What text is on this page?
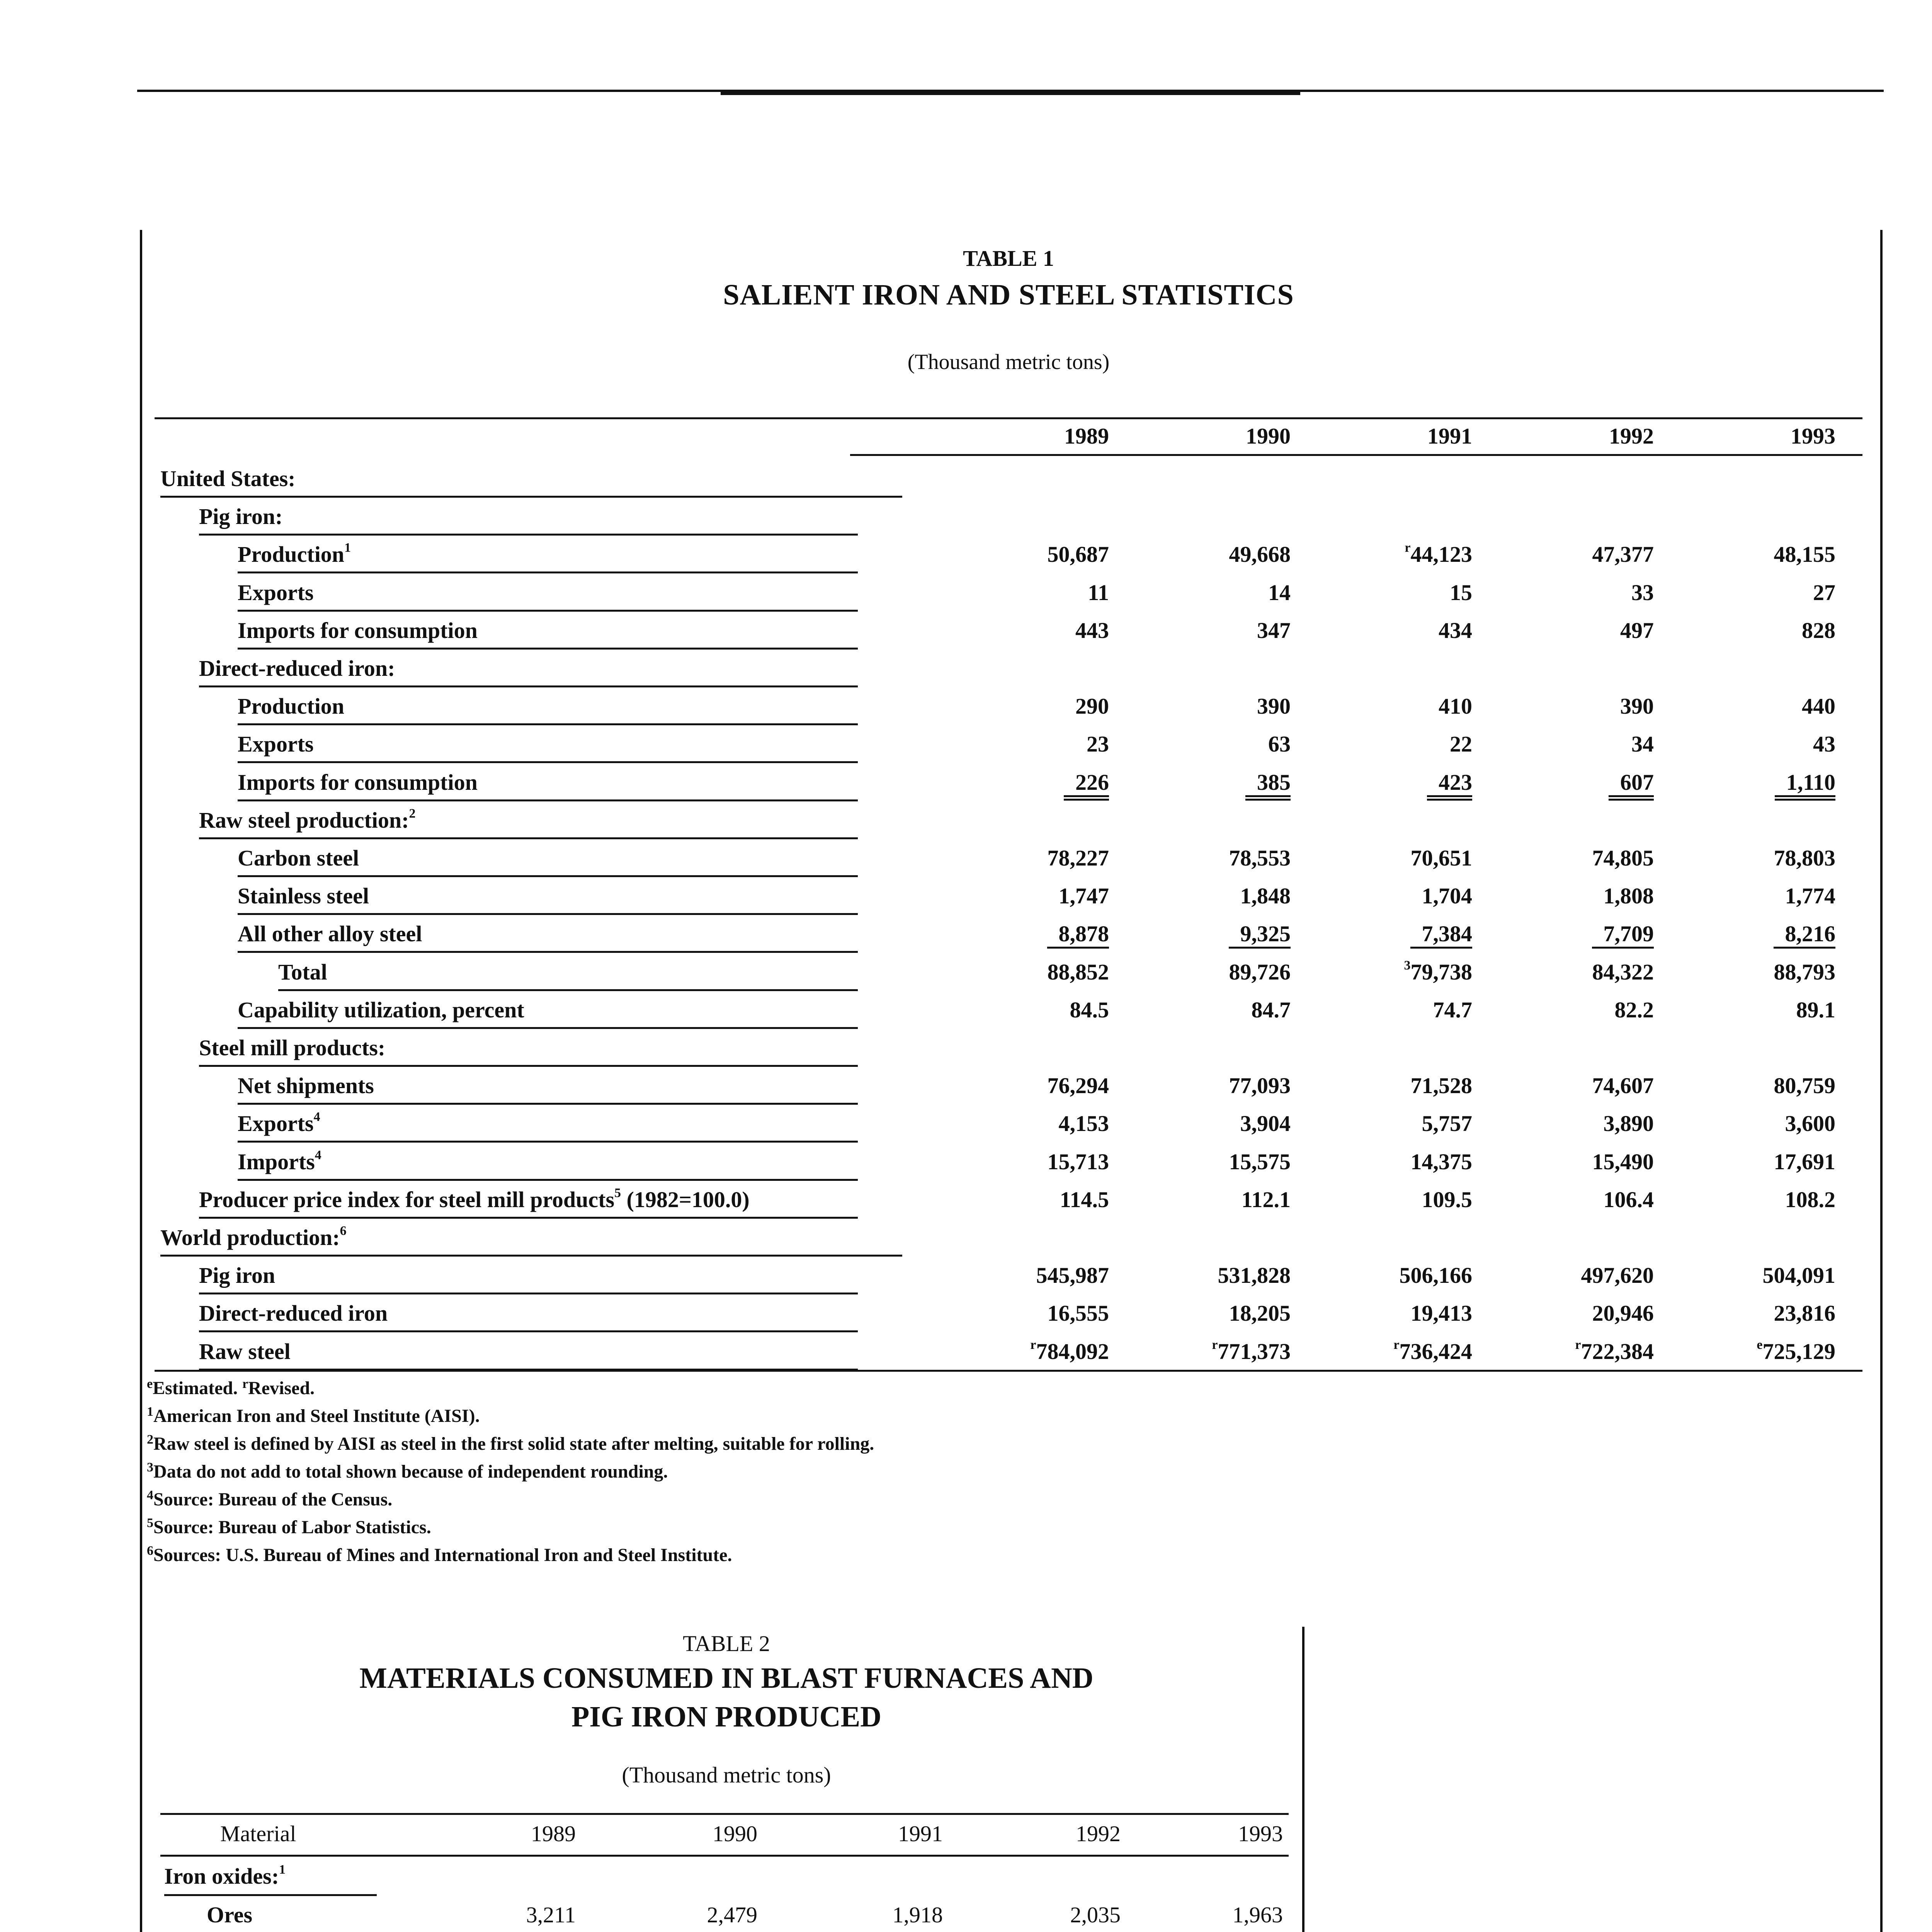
TABLE 1
SALIENT IRON AND STEEL STATISTICS
(Thousand metric tons)
1989	1990	1991	1992	1993
United States:
Pig iron:
Production$^1$	50,687	49,668	$^r$44,123	47,377	48,155
Exports	11	14	15	33	27
Imports for consumption	443	347	434	497	828
Direct-reduced iron:
Production	290	390	410	390	440
Exports	23	63	22	34	43
Imports for consumption	226	385	423	607	1,110
Raw steel production:$^2$
Carbon steel	78,227	78,553	70,651	74,805	78,803
Stainless steel	1,747	1,848	1,704	1,808	1,774
All other alloy steel	8,878	9,325	7,384	7,709	8,216
Total	88,852	89,726	$^3$79,738	84,322	88,793
Capability utilization, percent	84.5	84.7	74.7	82.2	89.1
Steel mill products:
Net shipments	76,294	77,093	71,528	74,607	80,759
Exports$^4$	4,153	3,904	5,757	3,890	3,600
Imports$^4$	15,713	15,575	14,375	15,490	17,691
Producer price index for steel mill products$^5$ (1982=100.0)	114.5	112.1	109.5	106.4	108.2
World production:$^6$
Pig iron	545,987	531,828	506,166	497,620	504,091
Direct-reduced iron	16,555	18,205	19,413	20,946	23,816
Raw steel	$^r$784,092	$^r$771,373	$^r$736,424	$^r$722,384	$^e$725,129
$^e$Estimated. $^r$Revised.
$^1$American Iron and Steel Institute (AISI).
$^2$Raw steel is defined by AISI as steel in the first solid state after melting, suitable for rolling.
$^3$Data do not add to total shown because of independent rounding.
$^4$Source: Bureau of the Census.
$^5$Source: Bureau of Labor Statistics.
$^6$Sources: U.S. Bureau of Mines and International Iron and Steel Institute.
TABLE 2
MATERIALS CONSUMED IN BLAST FURNACES AND
PIG IRON PRODUCED
(Thousand metric tons)
Material	1989	1990	1991	1992	1993
Iron oxides:$^1$
Ores	3,211	2,479	1,918	2,035	1,963
